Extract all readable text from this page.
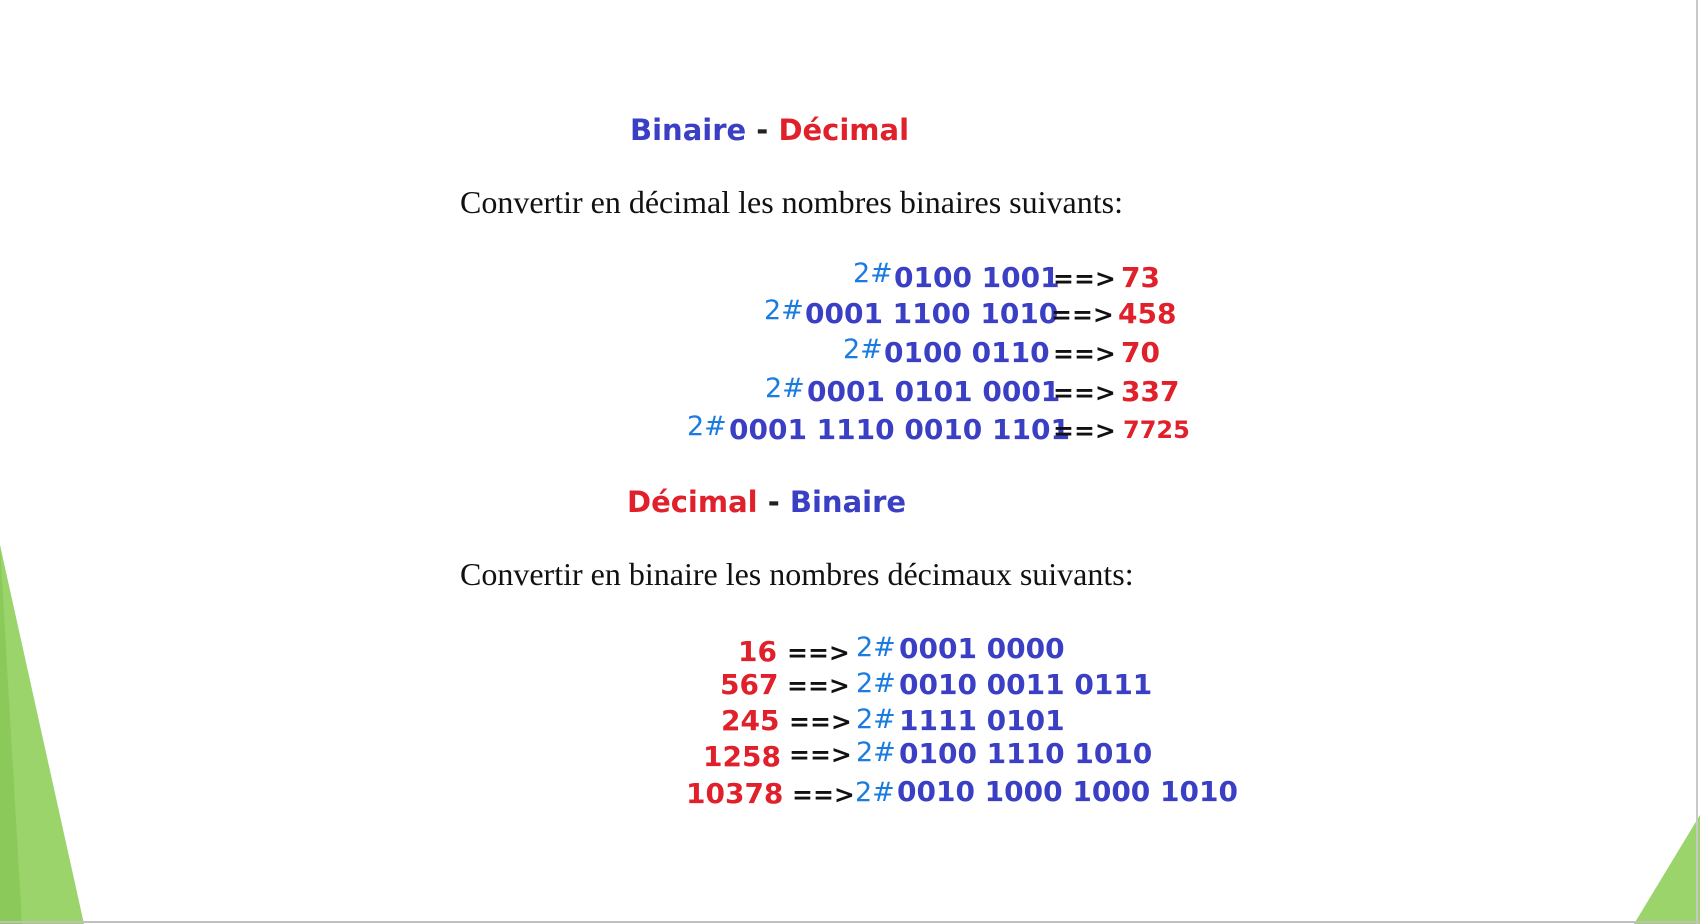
Binaire - Décimal
Convertir en décimal les nombres binaires suivants:
2# 0100 1001
==> 73
2# 0001 1100 1010
==> 458
2# 0100 0110 ==> 70
2# 0001 0101 0001
==> 337
2# 0001 1110 0010 1101
==> 7725
Décimal - Binaire
Convertir en binaire les nombres décimaux suivants:
16 ==> 2# 0001 0000
567 ==> 2# 0010 0011 0111
245 ==> 2# 1111 0101
1258 ==> 2# 0100 1110 1010
10378 ==> 2# 0010 1000 1000 1010
